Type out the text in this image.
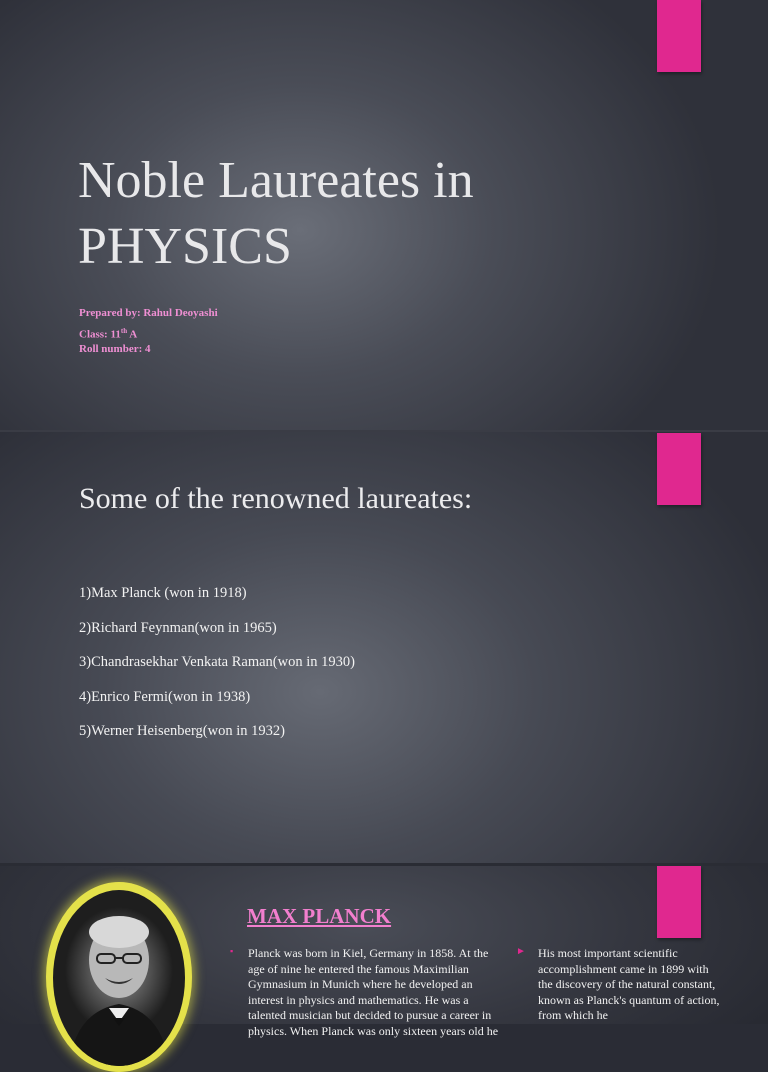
Noble Laureates in
PHYSICS
Prepared by: Rahul Deoyashi
Class: 11th A
Roll number: 4
Some of the renowned laureates:
1)Max Planck (won in 1918)
2)Richard Feynman(won in 1965)
3)Chandrasekhar Venkata Raman(won in 1930)
4)Enrico Fermi(won in 1938)
5)Werner Heisenberg(won in 1932)
MAX PLANCK
▪ Planck was born in Kiel, Germany in 1858. At the age of nine he entered the famous Maximilian Gymnasium in Munich where he developed an interest in physics and mathematics. He was a talented musician but decided to pursue a career in physics. When Planck was only sixteen years old he
► His most important scientific accomplishment came in 1899 with the discovery of the natural constant, known as Planck's quantum of action, from which he
